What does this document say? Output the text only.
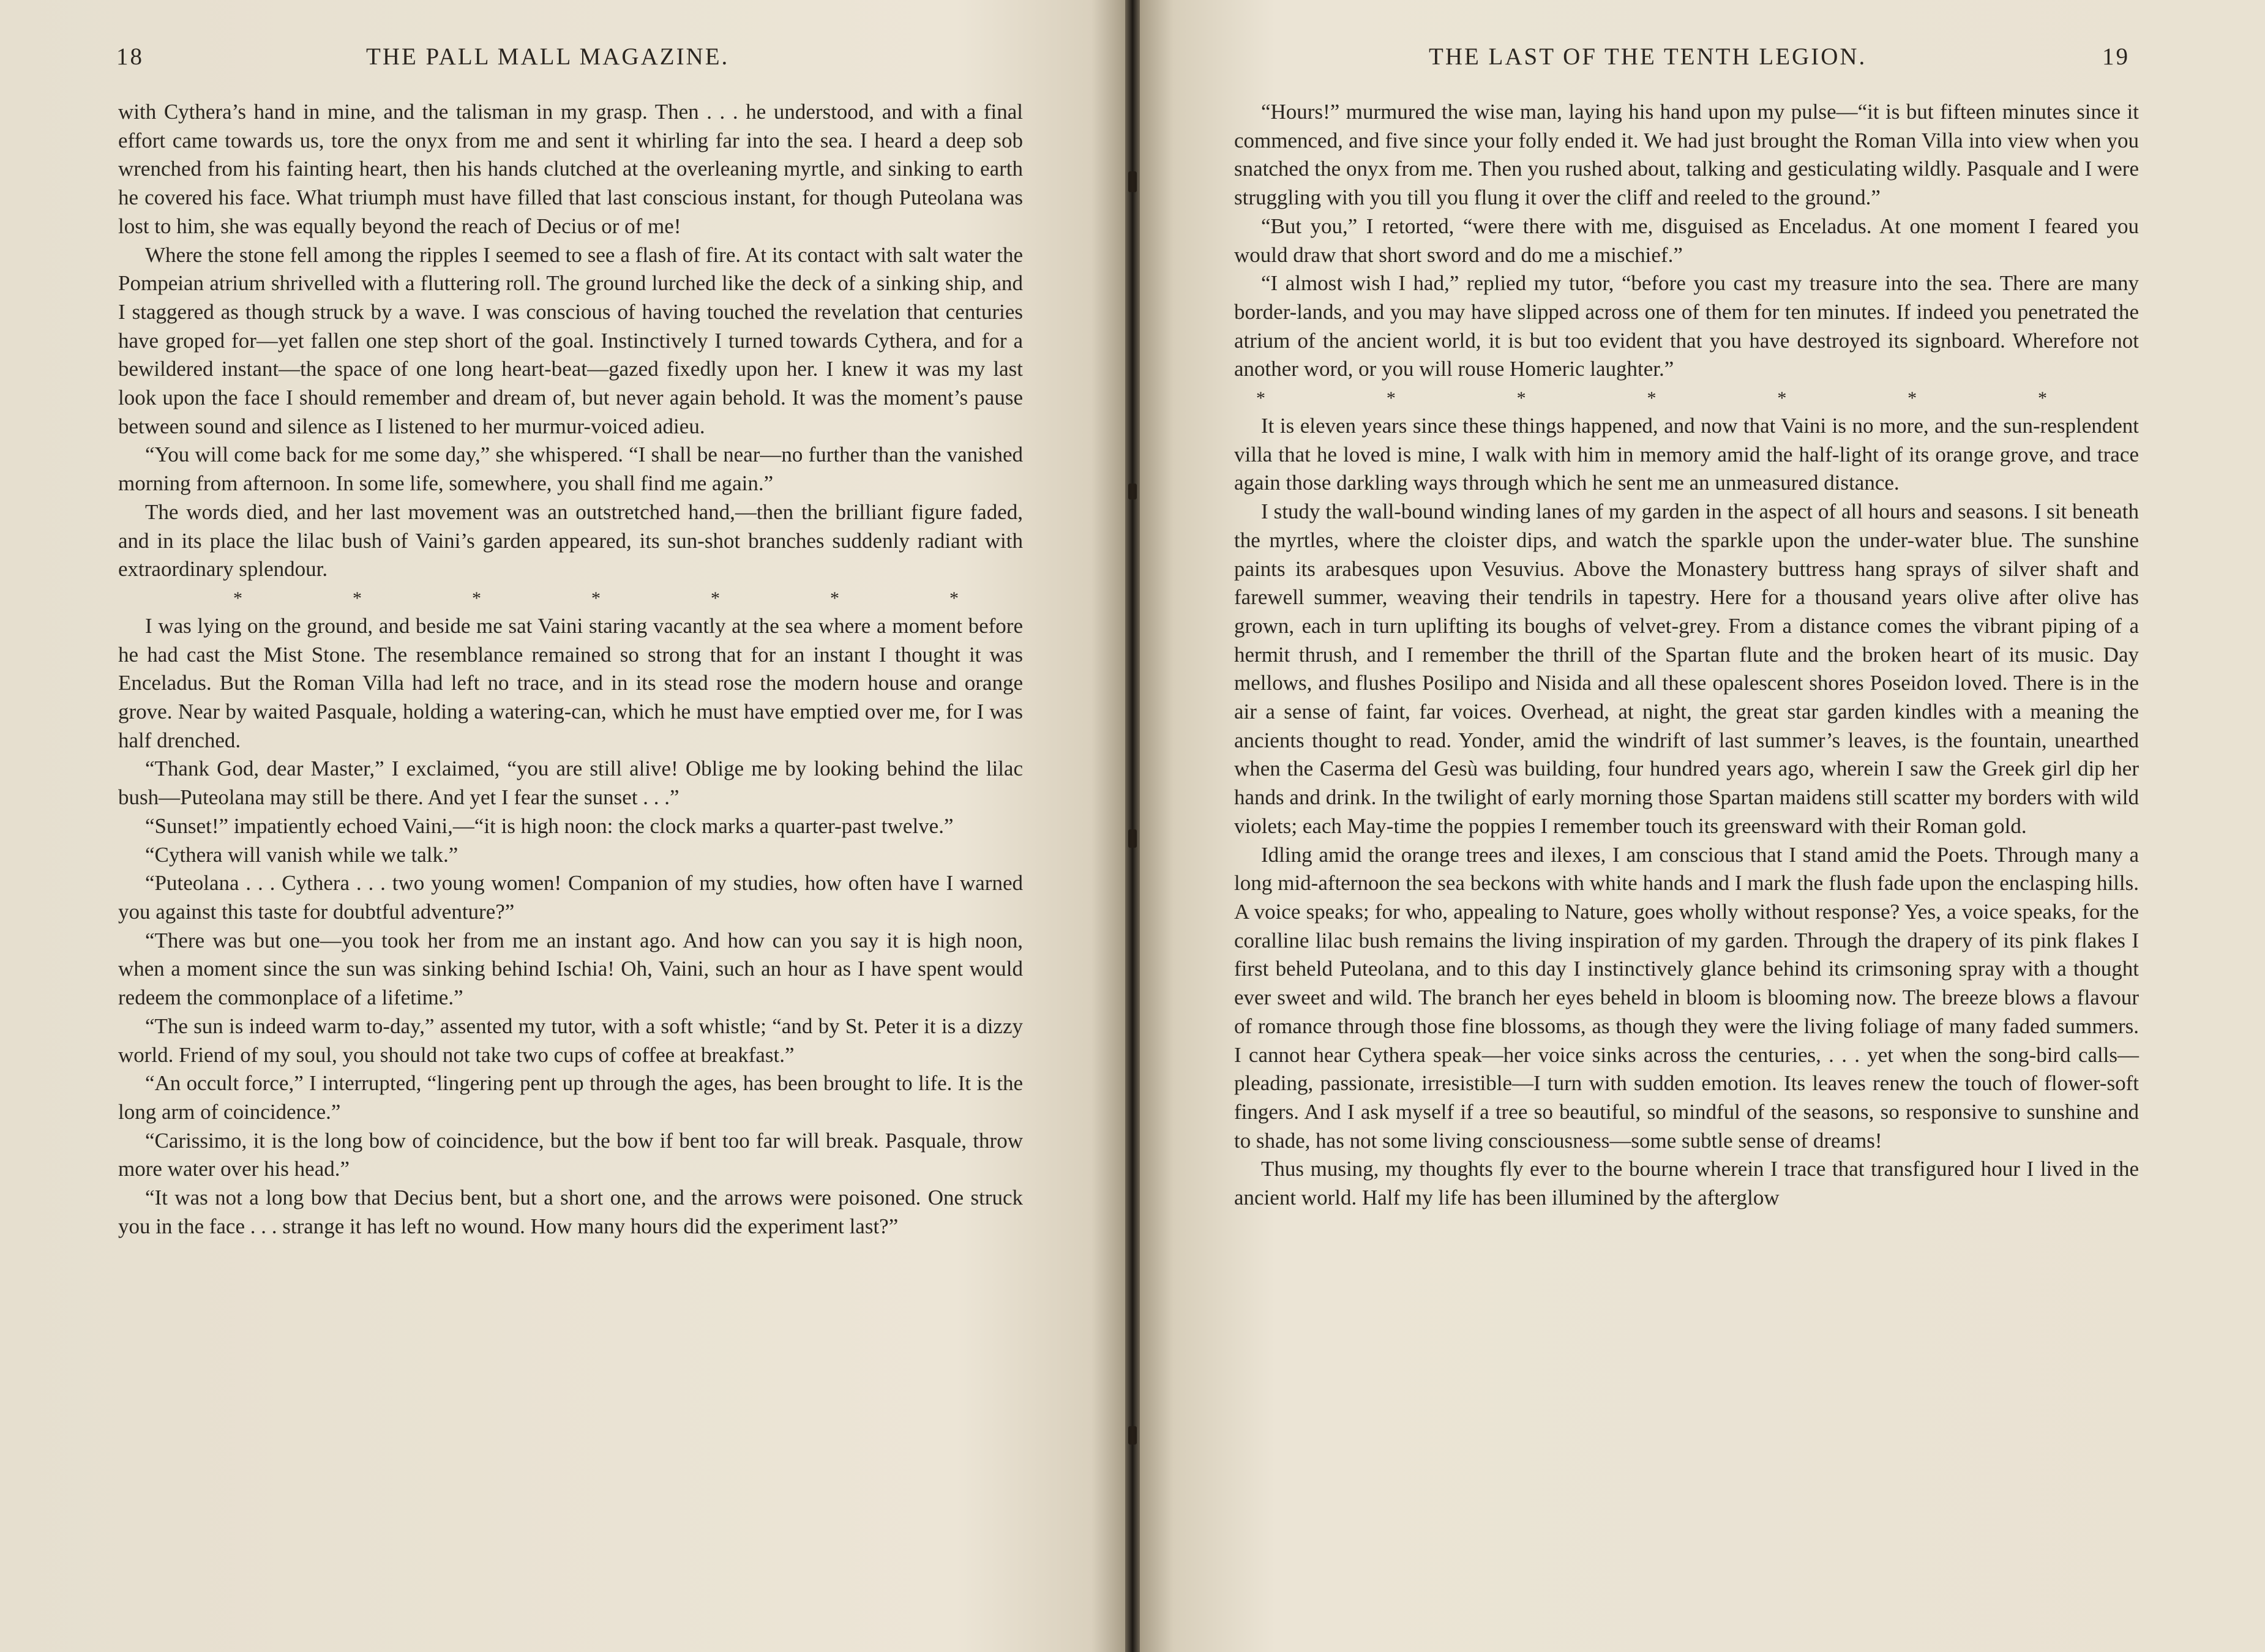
18	THE PALL MALL MAGAZINE.

with Cythera’s hand in mine, and the talisman in my grasp. Then . . . he understood, and with a final effort came towards us, tore the onyx from me and sent it whirling far into the sea. I heard a deep sob wrenched from his fainting heart, then his hands clutched at the overleaning myrtle, and sinking to earth he covered his face. What triumph must have filled that last conscious instant, for though Puteolana was lost to him, she was equally beyond the reach of Decius or of me!

Where the stone fell among the ripples I seemed to see a flash of fire. At its contact with salt water the Pompeian atrium shrivelled with a fluttering roll. The ground lurched like the deck of a sinking ship, and I staggered as though struck by a wave. I was conscious of having touched the revelation that centuries have groped for—yet fallen one step short of the goal. Instinctively I turned towards Cythera, and for a bewildered instant—the space of one long heart-beat—gazed fixedly upon her. I knew it was my last look upon the face I should remember and dream of, but never again behold. It was the moment’s pause between sound and silence as I listened to her murmur-voiced adieu.

“You will come back for me some day,” she whispered. “I shall be near—no further than the vanished morning from afternoon. In some life, somewhere, you shall find me again.”

The words died, and her last movement was an outstretched hand,—then the brilliant figure faded, and in its place the lilac bush of Vaini’s garden appeared, its sun-shot branches suddenly radiant with extraordinary splendour.

*	*	*	*	*	*	*

I was lying on the ground, and beside me sat Vaini staring vacantly at the sea where a moment before he had cast the Mist Stone. The resemblance remained so strong that for an instant I thought it was Enceladus. But the Roman Villa had left no trace, and in its stead rose the modern house and orange grove. Near by waited Pasquale, holding a watering-can, which he must have emptied over me, for I was half drenched.

“Thank God, dear Master,” I exclaimed, “you are still alive! Oblige me by looking behind the lilac bush—Puteolana may still be there. And yet I fear the sunset . . .”

“Sunset!” impatiently echoed Vaini,—“it is high noon: the clock marks a quarter-past twelve.”

“Cythera will vanish while we talk.”

“Puteolana . . . Cythera . . . two young women! Companion of my studies, how often have I warned you against this taste for doubtful adventure?”

“There was but one—you took her from me an instant ago. And how can you say it is high noon, when a moment since the sun was sinking behind Ischia! Oh, Vaini, such an hour as I have spent would redeem the commonplace of a lifetime.”

“The sun is indeed warm to-day,” assented my tutor, with a soft whistle; “and by St. Peter it is a dizzy world. Friend of my soul, you should not take two cups of coffee at breakfast.”

“An occult force,” I interrupted, “lingering pent up through the ages, has been brought to life. It is the long arm of coincidence.”

“Carissimo, it is the long bow of coincidence, but the bow if bent too far will break. Pasquale, throw more water over his head.”

“It was not a long bow that Decius bent, but a short one, and the arrows were poisoned. One struck you in the face . . . strange it has left no wound. How many hours did the experiment last?”

THE LAST OF THE TENTH LEGION.	19

“Hours!” murmured the wise man, laying his hand upon my pulse—“it is but fifteen minutes since it commenced, and five since your folly ended it. We had just brought the Roman Villa into view when you snatched the onyx from me. Then you rushed about, talking and gesticulating wildly. Pasquale and I were struggling with you till you flung it over the cliff and reeled to the ground.”

“But you,” I retorted, “were there with me, disguised as Enceladus. At one moment I feared you would draw that short sword and do me a mischief.”

“I almost wish I had,” replied my tutor, “before you cast my treasure into the sea. There are many border-lands, and you may have slipped across one of them for ten minutes. If indeed you penetrated the atrium of the ancient world, it is but too evident that you have destroyed its signboard. Wherefore not another word, or you will rouse Homeric laughter.”

*	*	*	*	*	*	*

It is eleven years since these things happened, and now that Vaini is no more, and the sun-resplendent villa that he loved is mine, I walk with him in memory amid the half-light of its orange grove, and trace again those darkling ways through which he sent me an unmeasured distance.

I study the wall-bound winding lanes of my garden in the aspect of all hours and seasons. I sit beneath the myrtles, where the cloister dips, and watch the sparkle upon the under-water blue. The sunshine paints its arabesques upon Vesuvius. Above the Monastery buttress hang sprays of silver shaft and farewell summer, weaving their tendrils in tapestry. Here for a thousand years olive after olive has grown, each in turn uplifting its boughs of velvet-grey. From a distance comes the vibrant piping of a hermit thrush, and I remember the thrill of the Spartan flute and the broken heart of its music. Day mellows, and flushes Posilipo and Nisida and all these opalescent shores Poseidon loved. There is in the air a sense of faint, far voices. Overhead, at night, the great star garden kindles with a meaning the ancients thought to read. Yonder, amid the windrift of last summer’s leaves, is the fountain, unearthed when the Caserma del Gesù was building, four hundred years ago, wherein I saw the Greek girl dip her hands and drink. In the twilight of early morning those Spartan maidens still scatter my borders with wild violets; each May-time the poppies I remember touch its greensward with their Roman gold.

Idling amid the orange trees and ilexes, I am conscious that I stand amid the Poets. Through many a long mid-afternoon the sea beckons with white hands and I mark the flush fade upon the enclasping hills. A voice speaks; for who, appealing to Nature, goes wholly without response? Yes, a voice speaks, for the coralline lilac bush remains the living inspiration of my garden. Through the drapery of its pink flakes I first beheld Puteolana, and to this day I instinctively glance behind its crimsoning spray with a thought ever sweet and wild. The branch her eyes beheld in bloom is blooming now. The breeze blows a flavour of romance through those fine blossoms, as though they were the living foliage of many faded summers. I cannot hear Cythera speak—her voice sinks across the centuries, . . . yet when the song-bird calls—pleading, passionate, irresistible—I turn with sudden emotion. Its leaves renew the touch of flower-soft fingers. And I ask myself if a tree so beautiful, so mindful of the seasons, so responsive to sunshine and to shade, has not some living consciousness—some subtle sense of dreams!

Thus musing, my thoughts fly ever to the bourne wherein I trace that transfigured hour I lived in the ancient world. Half my life has been illumined by the afterglow
